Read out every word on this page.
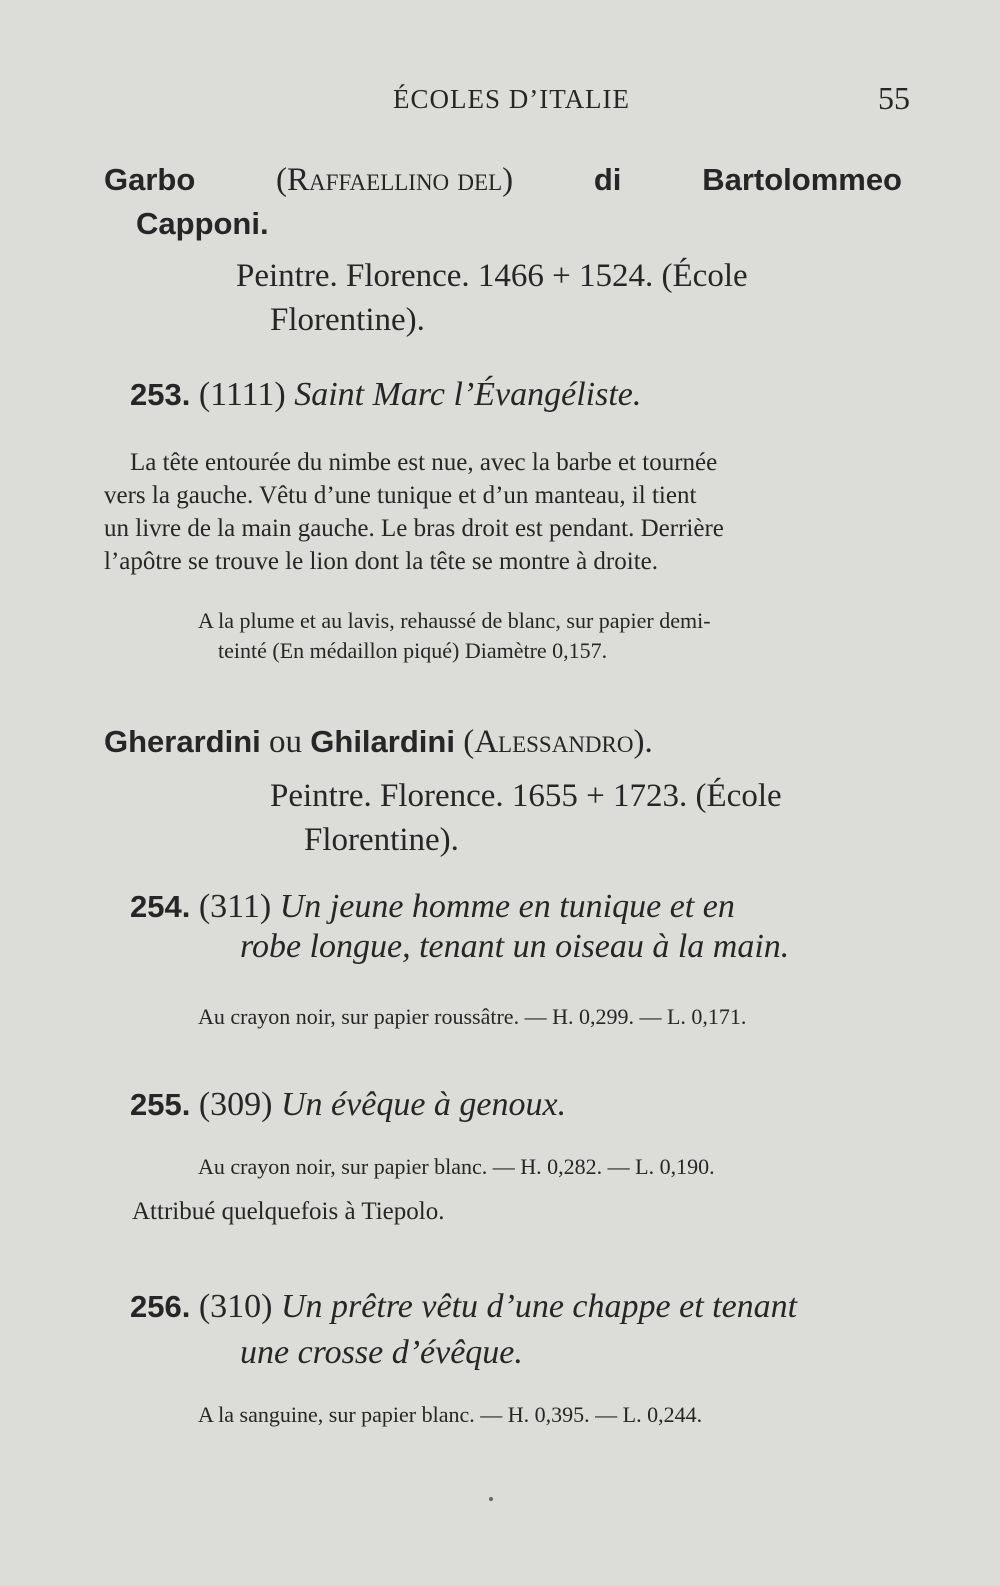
ÉCOLES D’ITALIE	55
Garbo (Raffaellino del)	di	Bartolommeo
Capponi.
Peintre. Florence. 1466 + 1524. (École
Florentine).
253. (1111) Saint Marc l’Évangéliste.
La tête entourée du nimbe est nue, avec la barbe et tournée
vers la gauche. Vêtu d’une tunique et d’un manteau, il tient
un livre de la main gauche. Le bras droit est pendant. Derrière
l’apôtre se trouve le lion dont la tête se montre à droite.
A la plume et au lavis, rehaussé de blanc, sur papier demi-
teinté (En médaillon piqué) Diamètre 0,157.
Gherardini ou Ghilardini (Alessandro).
Peintre. Florence. 1655 + 1723. (École
Florentine).
254. (311) Un jeune homme en tunique et en
robe longue, tenant un oiseau à la main.
Au crayon noir, sur papier roussâtre. — H. 0,299. — L. 0,171.
255. (309) Un évêque à genoux.
Au crayon noir, sur papier blanc. — H. 0,282. — L. 0,190.
Attribué quelquefois à Tiepolo.
256. (310) Un prêtre vêtu d’une chappe et tenant
une crosse d’évêque.
A la sanguine, sur papier blanc. — H. 0,395. — L. 0,244.
